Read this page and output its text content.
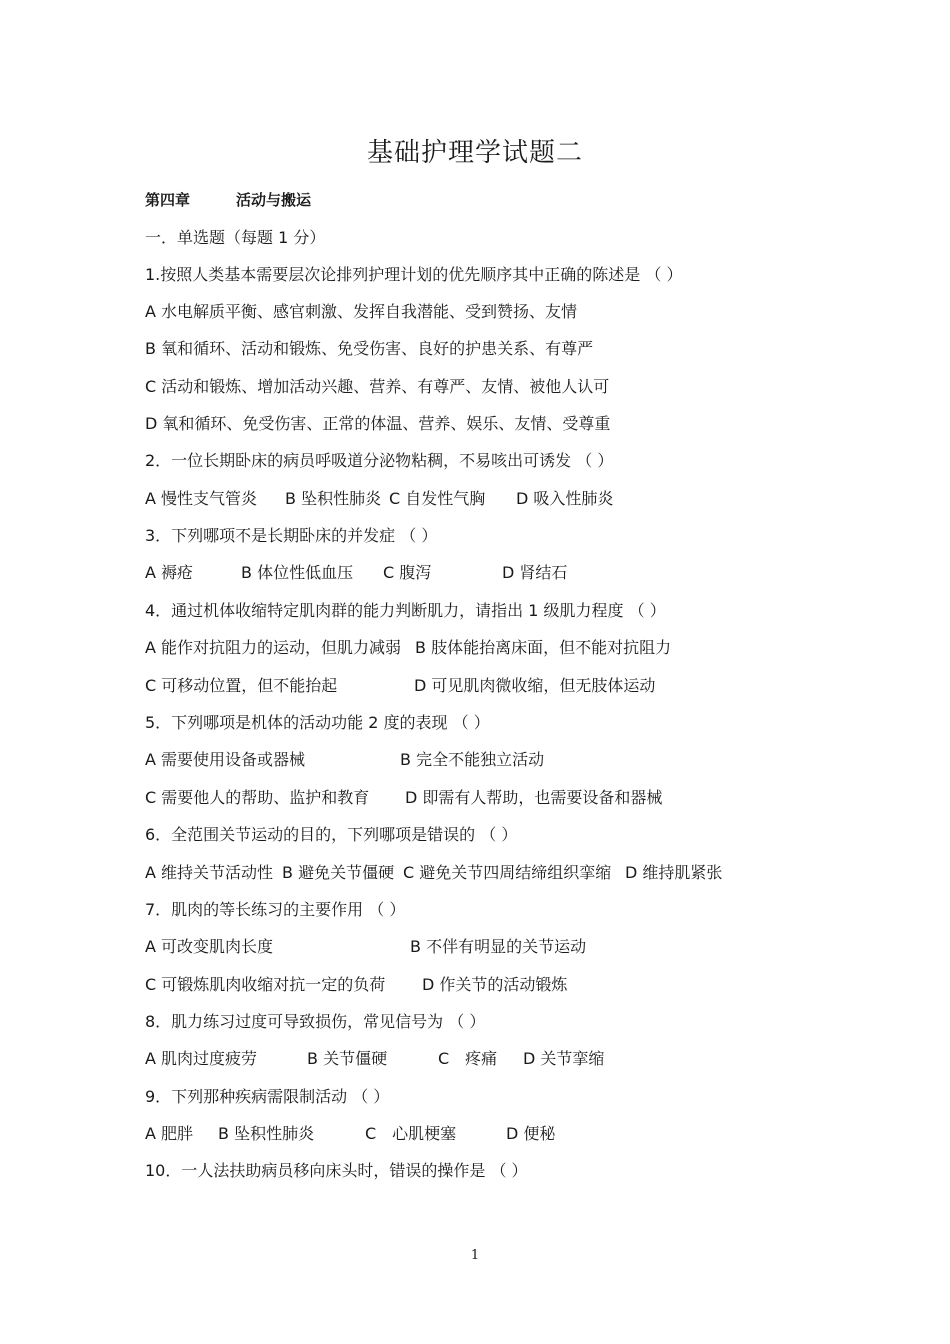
基础护理学试题二
第四章	活动与搬运
一．单选题（每题 1 分）
1.按照人类基本需要层次论排列护理计划的优先顺序其中正确的陈述是 （ ）
A 水电解质平衡、感官刺激、发挥自我潜能、受到赞扬、友情
B 氧和循环、活动和锻炼、免受伤害、良好的护患关系、有尊严
C 活动和锻炼、增加活动兴趣、营养、有尊严、友情、被他人认可
D 氧和循环、免受伤害、正常的体温、营养、娱乐、友情、受尊重
2．一位长期卧床的病员呼吸道分泌物粘稠，不易咳出可诱发 （ ）
A 慢性支气管炎 B 坠积性肺炎 C 自发性气胸 D 吸入性肺炎
3．下列哪项不是长期卧床的并发症 （ ）
A 褥疮	B 体位性低血压 C 腹泻	D 肾结石
4．通过机体收缩特定肌肉群的能力判断肌力，请指出 1 级肌力程度 （ ）
A 能作对抗阻力的运动，但肌力减弱 B 肢体能抬离床面，但不能对抗阻力
C 可移动位置，但不能抬起	D 可见肌肉微收缩，但无肢体运动
5．下列哪项是机体的活动功能 2 度的表现 （ ）
A 需要使用设备或器械	B 完全不能独立活动
C 需要他人的帮助、监护和教育 D 即需有人帮助，也需要设备和器械
6．全范围关节运动的目的，下列哪项是错误的 （ ）
A 维持关节活动性 B 避免关节僵硬 C 避免关节四周结缔组织挛缩 D 维持肌紧张
7．肌肉的等长练习的主要作用 （ ）
A 可改变肌肉长度	B 不伴有明显的关节运动
C 可锻炼肌肉收缩对抗一定的负荷 D 作关节的活动锻炼
8．肌力练习过度可导致损伤，常见信号为 （ ）
A 肌肉过度疲劳	B 关节僵硬	C　疼痛 D 关节挛缩
9．下列那种疾病需限制活动 （ ）
A 肥胖 B 坠积性肺炎	C　心肌梗塞	D 便秘
10．一人法扶助病员移向床头时，错误的操作是 （ ）
1
